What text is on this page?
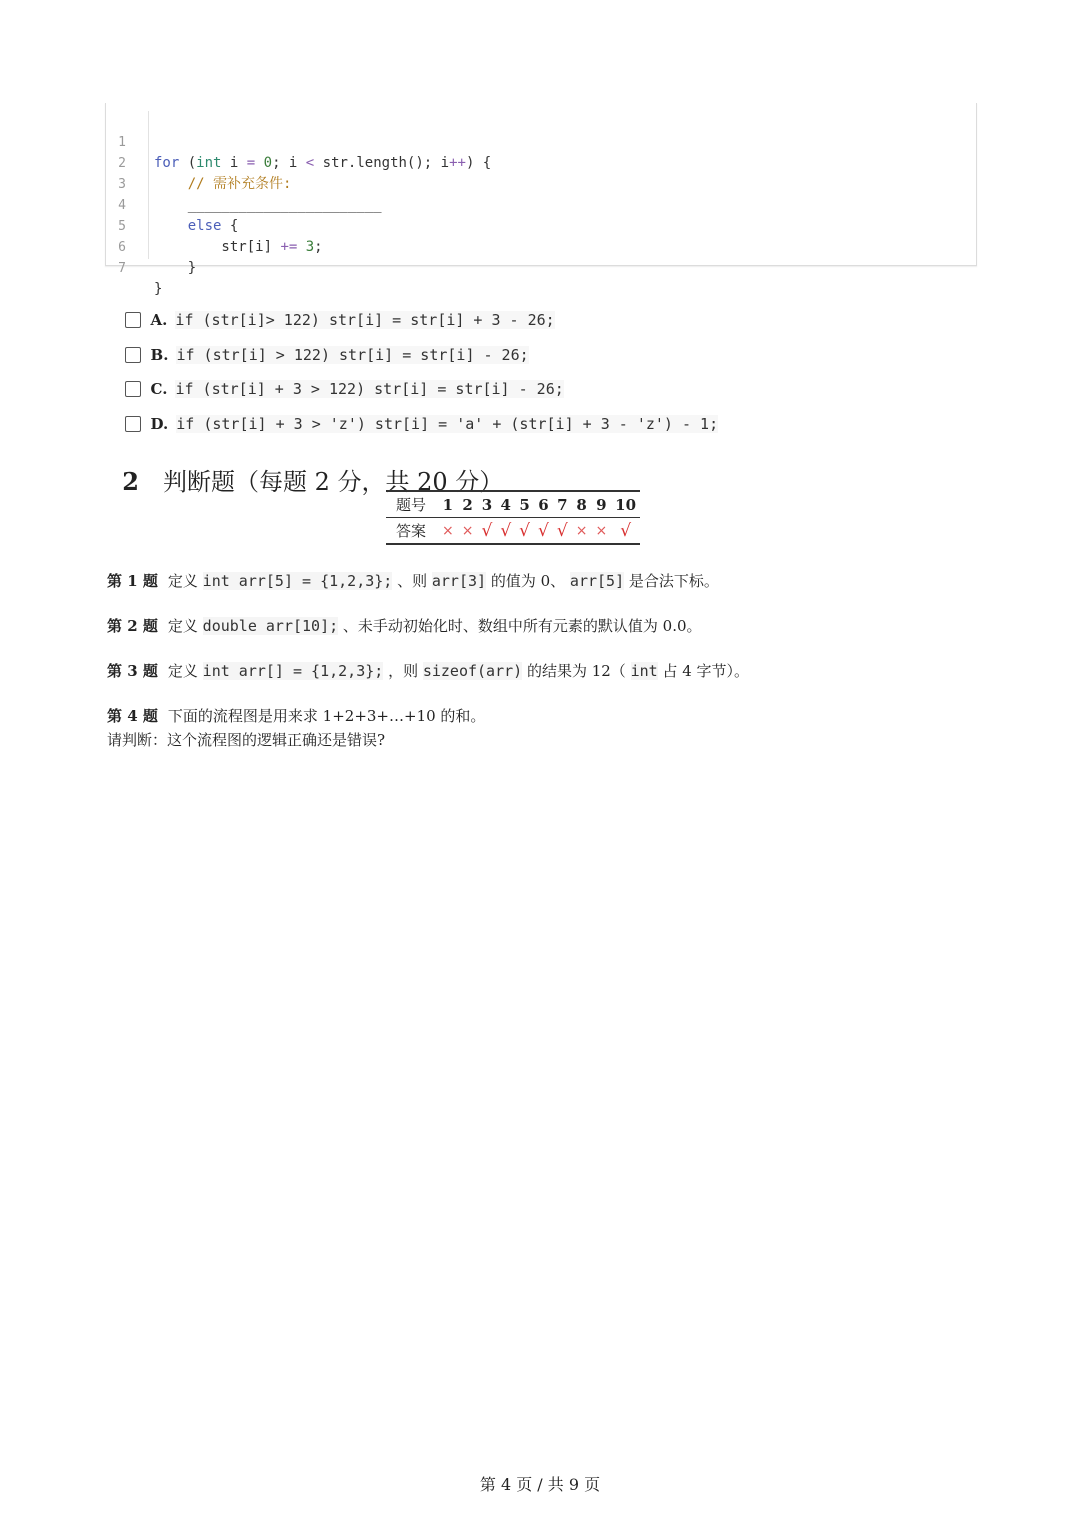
1

for (int i = 0; i < str.length(); i++) {

2

// 需补充条件:

3

_______________________

4

else {

5

str[i] += 3;

6

}

7

}

A. if (str[i]> 122) str[i] = str[i] + 3 - 26;

B. if (str[i] > 122) str[i] = str[i] - 26;

C. if (str[i] + 3 > 122) str[i] = str[i] - 26;

D. if (str[i] + 3 > 'z') str[i] = 'a' + (str[i] + 3 - 'z') - 1;

2 判断题（每题 2 分，共 20 分）

题号	1	2	3	4	5	6	7	8	9	10
答案	×	×	√	√	√	√	√	×	×	√
第 1 题 定义 int arr[5] = {1,2,3}; 、则 arr[3] 的值为 0、 arr[5] 是合法下标。
第 2 题 定义 double arr[10]; 、未手动初始化时、数组中所有元素的默认值为 0.0。
第 3 题 定义 int arr[] = {1,2,3}; ，则 sizeof(arr) 的结果为 12（ int 占 4 字节）。
第 4 题 下面的流程图是用来求 1+2+3+…+10 的和。
请判断：这个流程图的逻辑正确还是错误?
第 4 页 / 共 9 页
